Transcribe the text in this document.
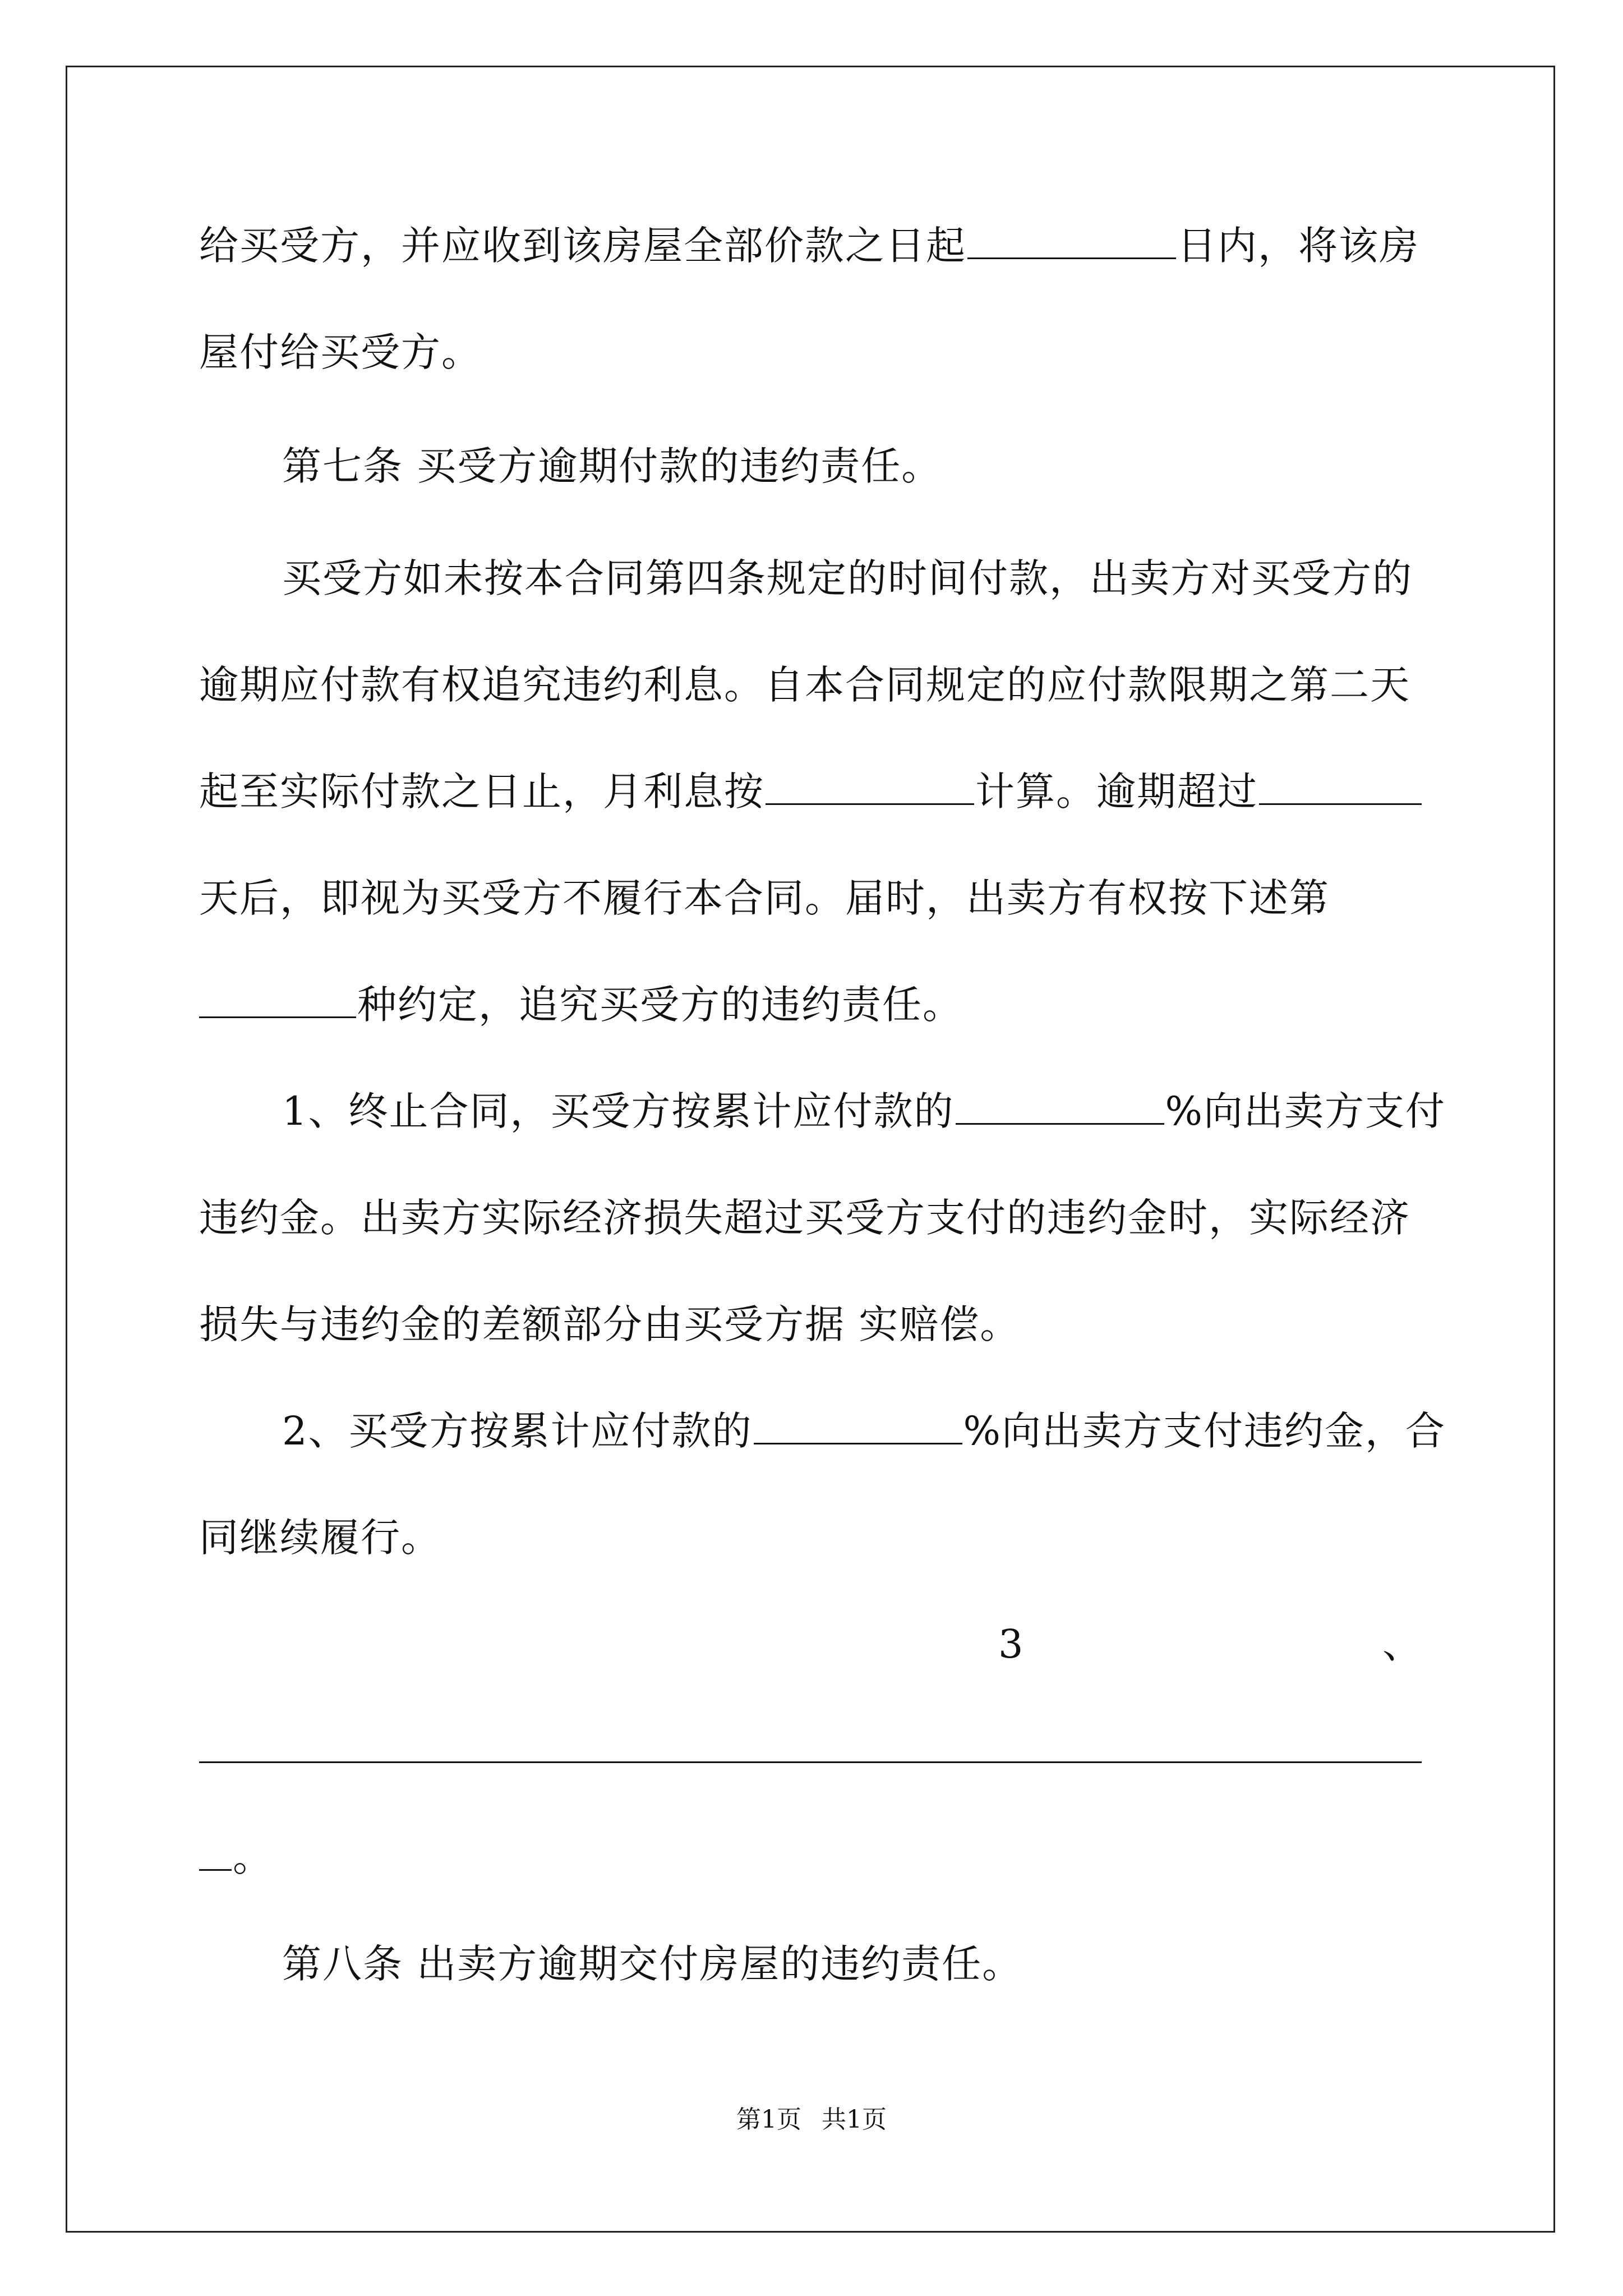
给买受方，并应收到该房屋全部价款之日起	日内，将该房
屋付给买受方。
第七条 买受方逾期付款的违约责任。
买受方如未按本合同第四条规定的时间付款，出卖方对买受方的
逾期应付款有权追究违约利息。自本合同规定的应付款限期之第二天
起至实际付款之日止，月利息按	计算。逾期超过
天后，即视为买受方不履行本合同。届时，出卖方有权按下述第
种约定，追究买受方的违约责任。
1、终止合同，买受方按累计应付款的	%向出卖方支付
违约金。出卖方实际经济损失超过买受方支付的违约金时，实际经济
损失与违约金的差额部分由买受方据 实赔偿。
2、买受方按累计应付款的	%向出卖方支付违约金，合
同继续履行。
3	、
。
第八条 出卖方逾期交付房屋的违约责任。
第1页 共1页
